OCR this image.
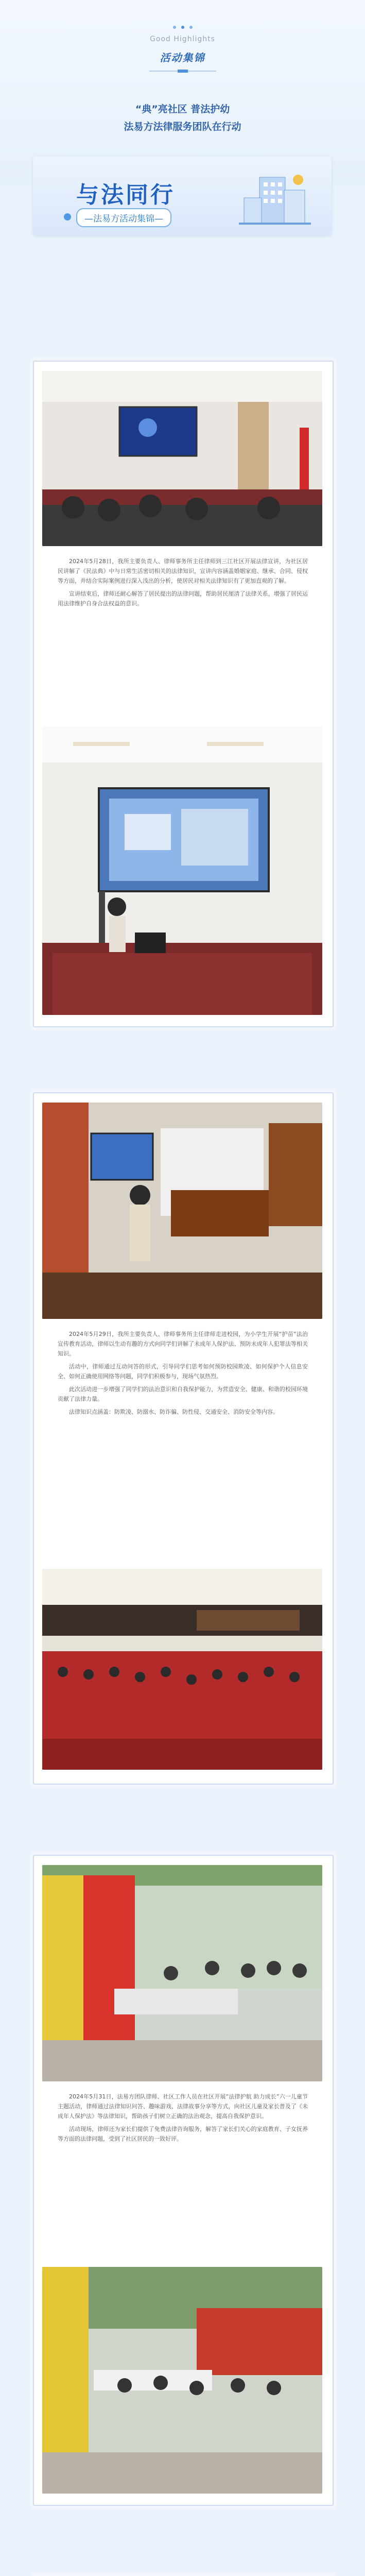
Good Highlights
活动集锦
“典”亮社区 普法护幼
法易方法律服务团队在行动
与法同行
—法易方活动集锦—

2024年5月28日，我所主要负责人、律师事务所主任律师到三江社区开展法律宣讲，为社区居民讲解了《民法典》中与日常生活密切相关的法律知识，宣讲内容涵盖婚姻家庭、继承、合同、侵权等方面，并结合实际案例进行深入浅出的分析，使居民对相关法律知识有了更加直观的了解。

宣讲结束后，律师还耐心解答了居民提出的法律问题，帮助居民厘清了法律关系，增强了居民运用法律维护自身合法权益的意识。

2024年5月29日，我所主要负责人、律师事务所主任律师走进校园，为小学生开展“护苗”法治宣传教育活动，律师以生动有趣的方式向同学们讲解了未成年人保护法、预防未成年人犯罪法等相关知识。

活动中，律师通过互动问答的形式，引导同学们思考如何预防校园欺凌、如何保护个人信息安全、如何正确使用网络等问题，同学们积极参与，现场气氛热烈。

此次活动进一步增强了同学们的法治意识和自我保护能力，为营造安全、健康、和谐的校园环境贡献了法律力量。

法律知识点涵盖：防欺凌、防溺水、防诈骗、防性侵、交通安全、消防安全等内容。

2024年5月31日，法易方团队律师、社区工作人员在社区开展“法律护航 助力成长”六一儿童节主题活动，律师通过法律知识问答、趣味游戏、法律故事分享等方式，向社区儿童及家长普及了《未成年人保护法》等法律知识，帮助孩子们树立正确的法治观念，提高自我保护意识。

活动现场，律师还为家长们提供了免费法律咨询服务，解答了家长们关心的家庭教育、子女抚养等方面的法律问题，受到了社区居民的一致好评。
